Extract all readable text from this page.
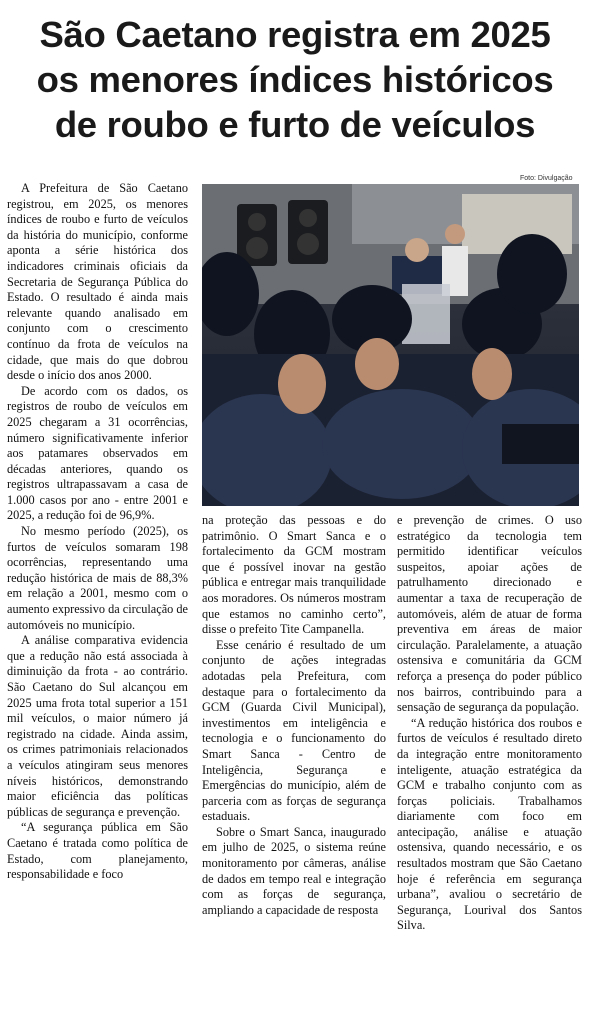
São Caetano registra em 2025
os menores índices históricos
de roubo e furto de veículos
Foto: Divulgação

A Prefeitura de São Caetano registrou, em 2025, os menores índices de roubo e furto de veículos da história do município, conforme aponta a série histórica dos indicadores criminais oficiais da Secretaria de Segurança Pública do Estado. O resultado é ainda mais relevante quando analisado em conjunto com o crescimento contínuo da frota de veículos na cidade, que mais do que dobrou desde o início dos anos 2000.

De acordo com os dados, os registros de roubo de veículos em 2025 chegaram a 31 ocorrências, número significativamente inferior aos patamares observados em décadas anteriores, quando os registros ultrapassavam a casa de 1.000 casos por ano - entre 2001 e 2025, a redução foi de 96,9%.

No mesmo período (2025), os furtos de veículos somaram 198 ocorrências, representando uma redução histórica de mais de 88,3% em relação a 2001, mesmo com o aumento expressivo da circulação de automóveis no município.

A análise comparativa evidencia que a redução não está associada à diminuição da frota - ao contrário. São Caetano do Sul alcançou em 2025 uma frota total superior a 151 mil veículos, o maior número já registrado na cidade. Ainda assim, os crimes patrimoniais relacionados a veículos atingiram seus menores níveis históricos, demonstrando maior eficiência das políticas públicas de segurança e prevenção.

“A segurança pública em São Caetano é tratada como política de Estado, com planejamento, responsabilidade e foco

na proteção das pessoas e do patrimônio. O Smart Sanca e o fortalecimento da GCM mostram que é possível inovar na gestão pública e entregar mais tranquilidade aos moradores. Os números mostram que estamos no caminho certo”, disse o prefeito Tite Campanella.

Esse cenário é resultado de um conjunto de ações integradas adotadas pela Prefeitura, com destaque para o fortalecimento da GCM (Guarda Civil Municipal), investimentos em inteligência e tecnologia e o funcionamento do Smart Sanca - Centro de Inteligência, Segurança e Emergências do município, além de parceria com as forças de segurança estaduais.

Sobre o Smart Sanca, inaugurado em julho de 2025, o sistema reúne monitoramento por câmeras, análise de dados em tempo real e integração com as forças de segurança, ampliando a capacidade de resposta

e prevenção de crimes. O uso estratégico da tecnologia tem permitido identificar veículos suspeitos, apoiar ações de patrulhamento direcionado e aumentar a taxa de recuperação de automóveis, além de atuar de forma preventiva em áreas de maior circulação. Paralelamente, a atuação ostensiva e comunitária da GCM reforça a presença do poder público nos bairros, contribuindo para a sensação de segurança da população.

“A redução histórica dos roubos e furtos de veículos é resultado direto da integração entre monitoramento inteligente, atuação estratégica da GCM e trabalho conjunto com as forças policiais. Trabalhamos diariamente com foco em antecipação, análise e atuação ostensiva, quando necessário, e os resultados mostram que São Caetano hoje é referência em segurança urbana”, avaliou o secretário de Segurança, Lourival dos Santos Silva.
